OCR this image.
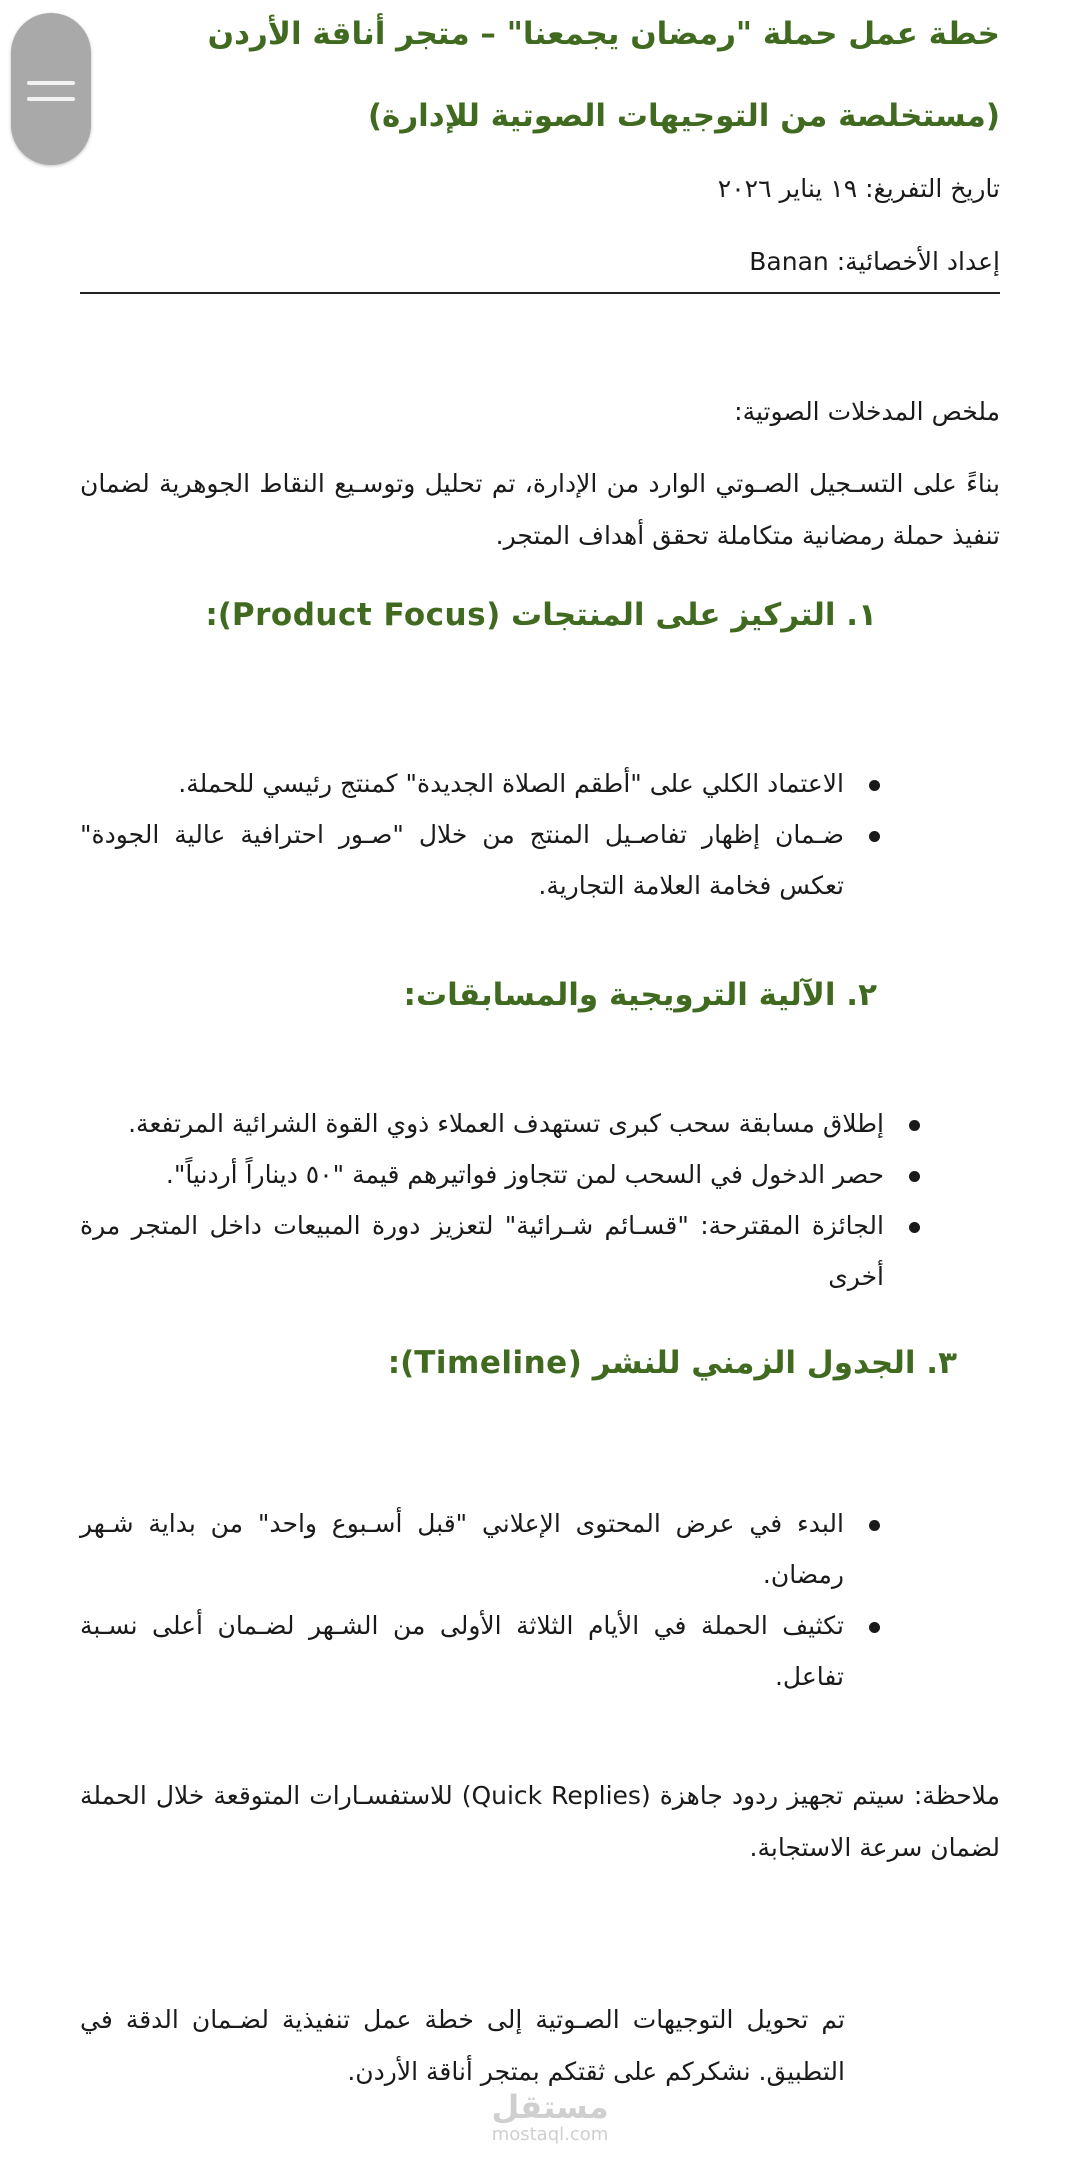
خطة عمل حملة "رمضان يجمعنا" – متجر أناقة الأردن
(مستخلصة من التوجيهات الصوتية للإدارة)

تاريخ التفريغ: ١٩ يناير ٢٠٢٦

إعداد الأخصائية: Banan

ملخص المدخلات الصوتية:

بناءً على التسـجيل الصـوتي الوارد من الإدارة، تم تحليل وتوسـيع النقاط الجوهرية لضمان تنفيذ حملة رمضانية متكاملة تحقق أهداف المتجر.

١. التركيز على المنتجات (Product Focus):
الاعتماد الكلي على "أطقم الصلاة الجديدة" كمنتج رئيسي للحملة.
ضـمان إظهار تفاصـيل المنتج من خلال "صـور احترافية عالية الجودة" تعكس فخامة العلامة التجارية.
٢. الآلية الترويجية والمسابقات:
إطلاق مسابقة سحب كبرى تستهدف العملاء ذوي القوة الشرائية المرتفعة.
حصر الدخول في السحب لمن تتجاوز فواتيرهم قيمة "٥٠ ديناراً أردنياً".
الجائزة المقترحة: "قسـائم شـرائية" لتعزيز دورة المبيعات داخل المتجر مرة أخرى
٣. الجدول الزمني للنشر (Timeline):
البدء في عرض المحتوى الإعلاني "قبل أسـبوع واحد" من بداية شـهر رمضان.
تكثيف الحملة في الأيام الثلاثة الأولى من الشـهر لضـمان أعلى نسـبة تفاعل.

ملاحظة: سيتم تجهيز ردود جاهزة (Quick Replies) للاستفسـارات المتوقعة خلال الحملة لضمان سرعة الاستجابة.

تم تحويل التوجيهات الصـوتية إلى خطة عمل تنفيذية لضـمان الدقة في التطبيق. نشكركم على ثقتكم بمتجر أناقة الأردن.

مستقل
mostaql.com
